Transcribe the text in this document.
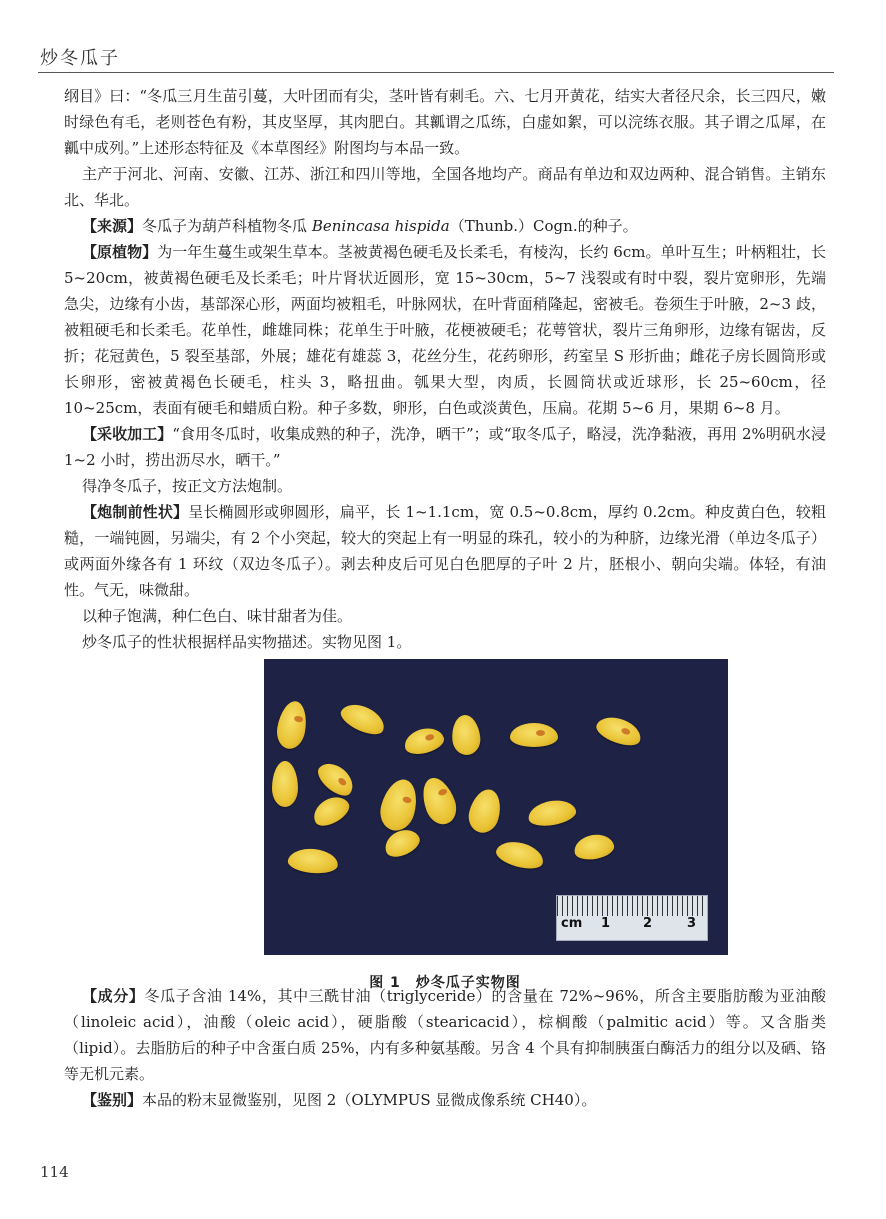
炒冬瓜子

纲目》曰：“冬瓜三月生苗引蔓，大叶团而有尖，茎叶皆有刺毛。六、七月开黄花，结实大者径尺余，长三四尺，嫩时绿色有毛，老则苍色有粉，其皮坚厚，其肉肥白。其瓤谓之瓜练，白虚如絮，可以浣练衣服。其子谓之瓜犀，在瓤中成列。”上述形态特征及《本草图经》附图均与本品一致。

主产于河北、河南、安徽、江苏、浙江和四川等地，全国各地均产。商品有单边和双边两种、混合销售。主销东北、华北。

【来源】冬瓜子为葫芦科植物冬瓜 Benincasa hispida（Thunb.）Cogn.的种子。

【原植物】为一年生蔓生或架生草本。茎被黄褐色硬毛及长柔毛，有棱沟，长约 6cm。单叶互生；叶柄粗壮，长 5~20cm，被黄褐色硬毛及长柔毛；叶片肾状近圆形，宽 15~30cm，5~7 浅裂或有时中裂，裂片宽卵形，先端急尖，边缘有小齿，基部深心形，两面均被粗毛，叶脉网状，在叶背面稍隆起，密被毛。卷须生于叶腋，2~3 歧，被粗硬毛和长柔毛。花单性，雌雄同株；花单生于叶腋，花梗被硬毛；花萼管状，裂片三角卵形，边缘有锯齿，反折；花冠黄色，5 裂至基部，外展；雄花有雄蕊 3，花丝分生，花药卵形，药室呈 S 形折曲；雌花子房长圆筒形或长卵形，密被黄褐色长硬毛，柱头 3，略扭曲。瓠果大型，肉质，长圆筒状或近球形，长 25~60cm，径 10~25cm，表面有硬毛和蜡质白粉。种子多数，卵形，白色或淡黄色，压扁。花期 5~6 月，果期 6~8 月。

【采收加工】“食用冬瓜时，收集成熟的种子，洗净，晒干”；或“取冬瓜子，略浸，洗净黏液，再用 2%明矾水浸 1~2 小时，捞出沥尽水，晒干。”

得净冬瓜子，按正文方法炮制。

【炮制前性状】呈长椭圆形或卵圆形，扁平，长 1~1.1cm，宽 0.5~0.8cm，厚约 0.2cm。种皮黄白色，较粗糙，一端钝圆，另端尖，有 2 个小突起，较大的突起上有一明显的珠孔，较小的为种脐，边缘光滑（单边冬瓜子）或两面外缘各有 1 环纹（双边冬瓜子）。剥去种皮后可见白色肥厚的子叶 2 片，胚根小、朝向尖端。体轻，有油性。气无，味微甜。

以种子饱满，种仁色白、味甘甜者为佳。

炒冬瓜子的性状根据样品实物描述。实物见图 1。

cm 1	2	3
图 1　炒冬瓜子实物图

【成分】冬瓜子含油 14%，其中三酰甘油（triglyceride）的含量在 72%~96%，所含主要脂肪酸为亚油酸（linoleic acid），油酸（oleic acid），硬脂酸（stearicacid），棕榈酸（palmitic acid）等。又含脂类（lipid）。去脂肪后的种子中含蛋白质 25%，内有多种氨基酸。另含 4 个具有抑制胰蛋白酶活力的组分以及硒、铬等无机元素。

【鉴别】本品的粉末显微鉴别，见图 2（OLYMPUS 显微成像系统 CH40）。

114
